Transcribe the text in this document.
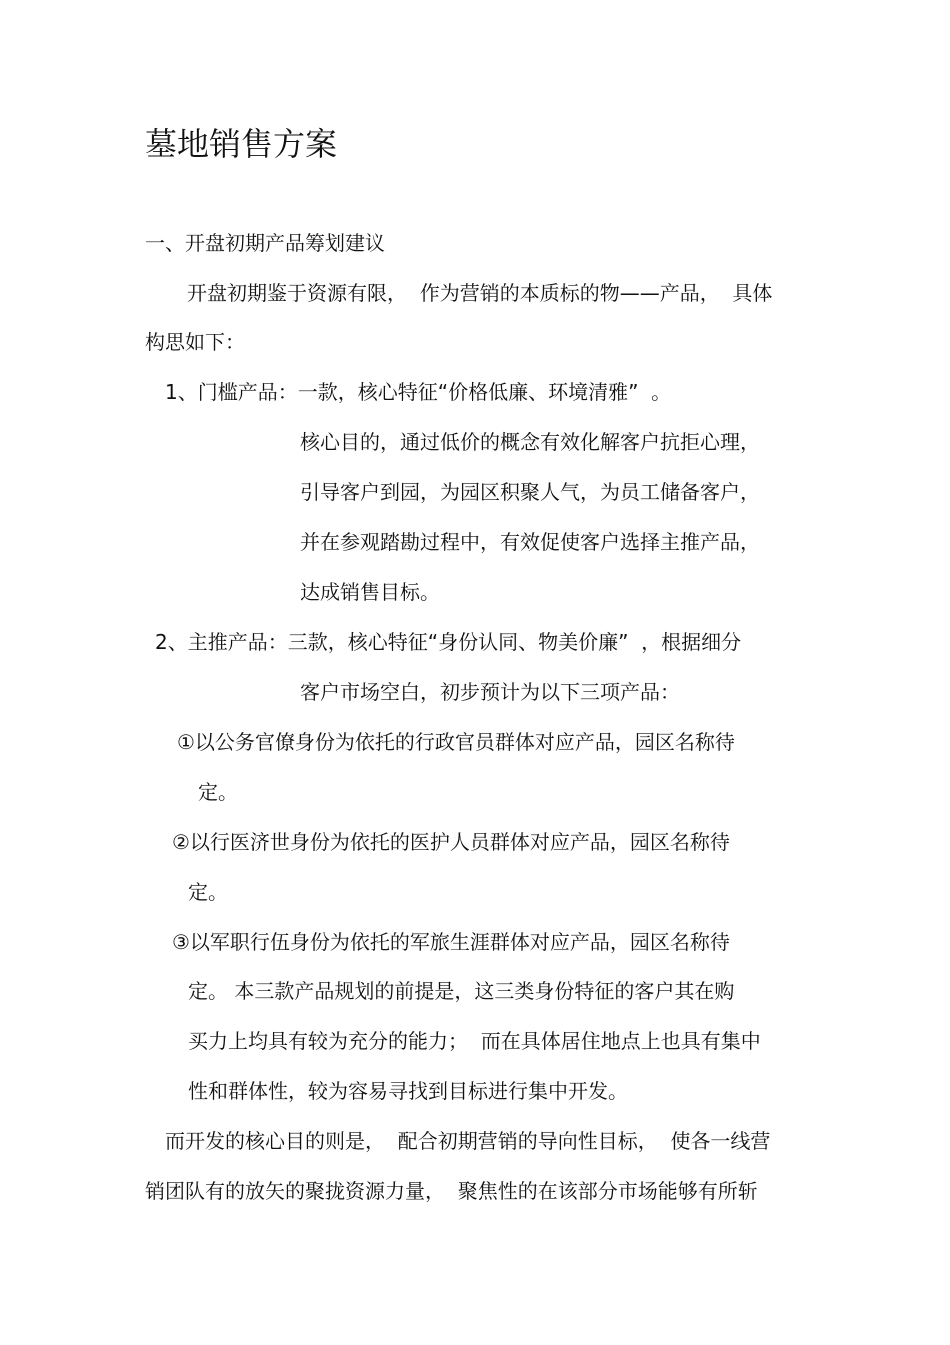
墓地销售方案

一、开盘初期产品筹划建议

开盘初期鉴于资源有限，  作为营销的本质标的物——产品，  具体

构思如下：

1、门槛产品：一款，核心特征“价格低廉、环境清雅”  。

核心目的，通过低价的概念有效化解客户抗拒心理，

引导客户到园，为园区积聚人气，为员工储备客户，

并在参观踏勘过程中，有效促使客户选择主推产品，

达成销售目标。

2、主推产品：三款，核心特征“身份认同、物美价廉”  ，根据细分

客户市场空白，初步预计为以下三项产品：

①以公务官僚身份为依托的行政官员群体对应产品，园区名称待

定。

②以行医济世身份为依托的医护人员群体对应产品，园区名称待

定。

③以军职行伍身份为依托的军旅生涯群体对应产品，园区名称待

定。 本三款产品规划的前提是，这三类身份特征的客户其在购

买力上均具有较为充分的能力；  而在具体居住地点上也具有集中

性和群体性，较为容易寻找到目标进行集中开发。

而开发的核心目的则是，  配合初期营销的导向性目标，  使各一线营

销团队有的放矢的聚拢资源力量，  聚焦性的在该部分市场能够有所斩
